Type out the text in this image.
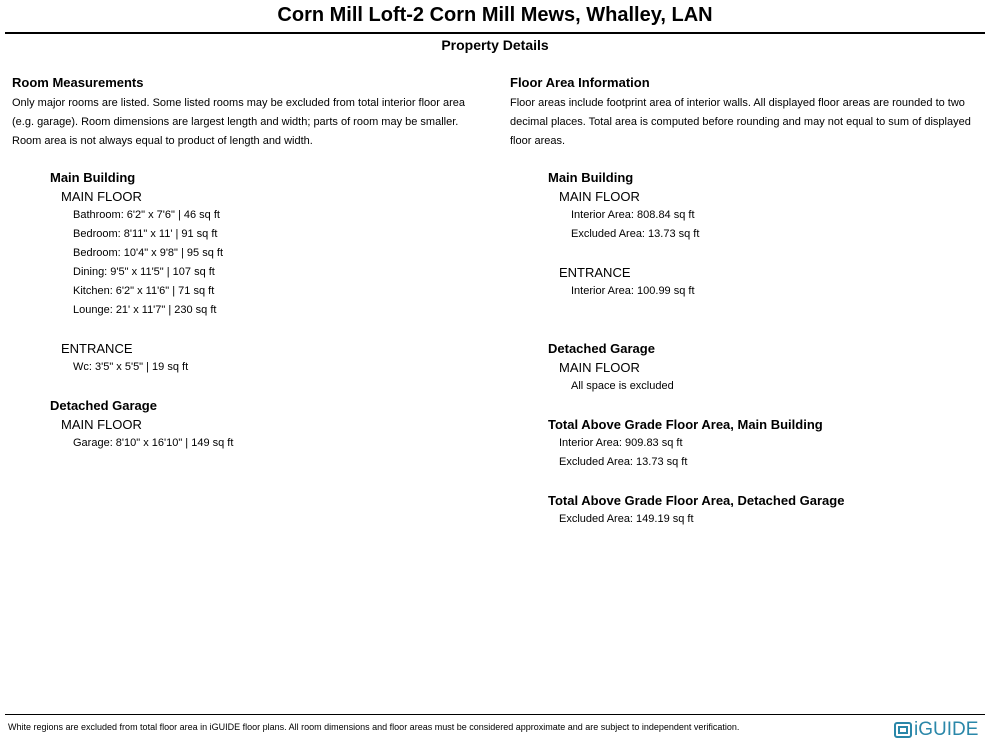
Corn Mill Loft-2 Corn Mill Mews, Whalley, LAN
Property Details
Room Measurements
Only major rooms are listed. Some listed rooms may be excluded from total interior floor area
(e.g. garage). Room dimensions are largest length and width; parts of room may be smaller.
Room area is not always equal to product of length and width.
Main Building
MAIN FLOOR
Bathroom: 6'2" x 7'6" | 46 sq ft
Bedroom: 8'11" x 11' | 91 sq ft
Bedroom: 10'4" x 9'8" | 95 sq ft
Dining: 9'5" x 11'5" | 107 sq ft
Kitchen: 6'2" x 11'6" | 71 sq ft
Lounge: 21' x 11'7" | 230 sq ft
ENTRANCE
Wc: 3'5" x 5'5" | 19 sq ft
Detached Garage
MAIN FLOOR
Garage: 8'10" x 16'10" | 149 sq ft
Floor Area Information
Floor areas include footprint area of interior walls. All displayed floor areas are rounded to two
decimal places. Total area is computed before rounding and may not equal to sum of displayed
floor areas.
Main Building
MAIN FLOOR
Interior Area: 808.84 sq ft
Excluded Area: 13.73 sq ft
ENTRANCE
Interior Area: 100.99 sq ft
Detached Garage
MAIN FLOOR
All space is excluded
Total Above Grade Floor Area, Main Building
Interior Area: 909.83 sq ft
Excluded Area: 13.73 sq ft
Total Above Grade Floor Area, Detached Garage
Excluded Area: 149.19 sq ft
White regions are excluded from total floor area in iGUIDE floor plans. All room dimensions and floor areas must be considered approximate and are subject to independent verification.	iGUIDE
